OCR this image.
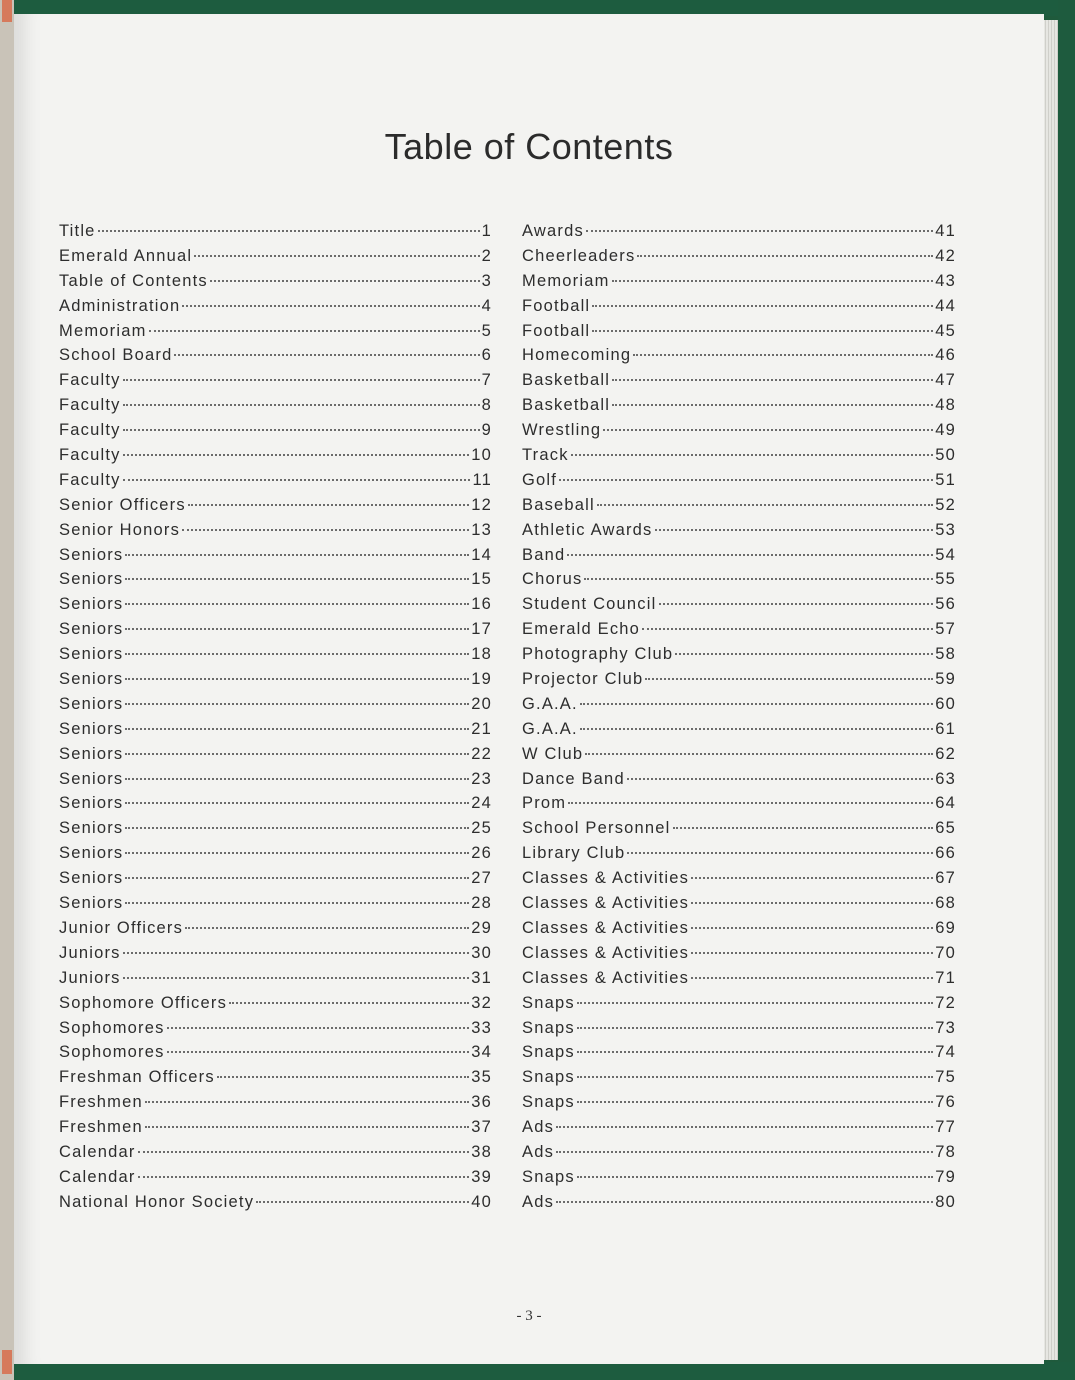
Table of Contents
Title	1
Emerald Annual	2
Table of Contents	3
Administration	4
Memoriam	5
School Board	6
Faculty	7
Faculty	8
Faculty	9
Faculty	10
Faculty	11
Senior Officers	12
Senior Honors	13
Seniors	14
Seniors	15
Seniors	16
Seniors	17
Seniors	18
Seniors	19
Seniors	20
Seniors	21
Seniors	22
Seniors	23
Seniors	24
Seniors	25
Seniors	26
Seniors	27
Seniors	28
Junior Officers	29
Juniors	30
Juniors	31
Sophomore Officers	32
Sophomores	33
Sophomores	34
Freshman Officers	35
Freshmen	36
Freshmen	37
Calendar	38
Calendar	39
National Honor Society	40
Awards	41
Cheerleaders	42
Memoriam	43
Football	44
Football	45
Homecoming	46
Basketball	47
Basketball	48
Wrestling	49
Track	50
Golf	51
Baseball	52
Athletic Awards	53
Band	54
Chorus	55
Student Council	56
Emerald Echo	57
Photography Club	58
Projector Club	59
G.A.A.	60
G.A.A.	61
W Club	62
Dance Band	63
Prom	64
School Personnel	65
Library Club	66
Classes & Activities	67
Classes & Activities	68
Classes & Activities	69
Classes & Activities	70
Classes & Activities	71
Snaps	72
Snaps	73
Snaps	74
Snaps	75
Snaps	76
Ads	77
Ads	78
Snaps	79
Ads	80
- 3 -
